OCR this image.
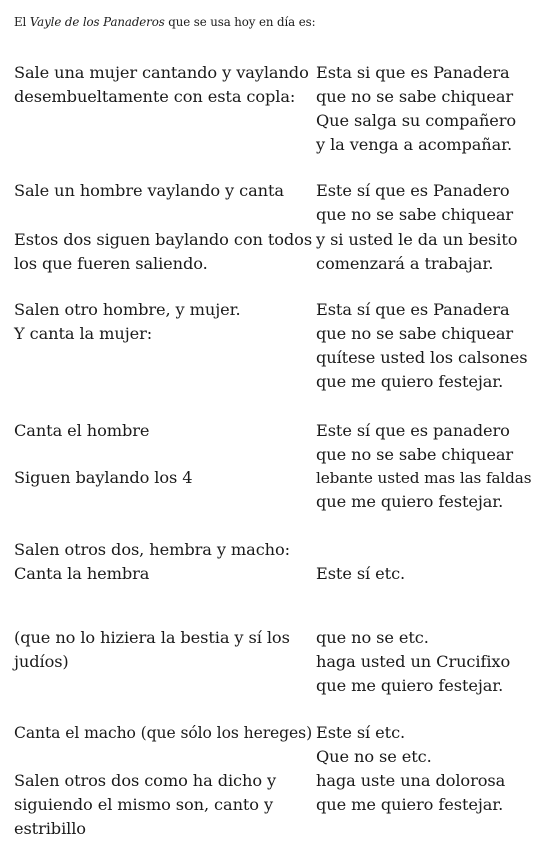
El Vayle de los Panaderos que se usa hoy en día es:
Sale una mujer cantando y vaylando
desembueltamente con esta copla:
Sale un hombre vaylando y canta
Estos dos siguen baylando con todos
los que fueren saliendo.
Salen otro hombre, y mujer.
Y canta la mujer:
Canta el hombre
Siguen baylando los 4
Salen otros dos, hembra y macho:
Canta la hembra
(que no lo hiziera la bestia y sí los
judíos)
Canta el macho (que sólo los hereges)
Salen otros dos como ha dicho y
siguiendo el mismo son, canto y
estribillo
Esta si que es Panadera
que no se sabe chiquear
Que salga su compañero
y la venga a acompañar.
Este sí que es Panadero
que no se sabe chiquear
y si usted le da un besito
comenzará a trabajar.
Esta sí que es Panadera
que no se sabe chiquear
quítese usted los calsones
que me quiero festejar.
Este sí que es panadero
que no se sabe chiquear
lebante usted mas las faldas
que me quiero festejar.
Este sí etc.
que no se etc.
haga usted un Crucifixo
que me quiero festejar.
Este sí etc.
Que no se etc.
haga uste una dolorosa
que me quiero festejar.
